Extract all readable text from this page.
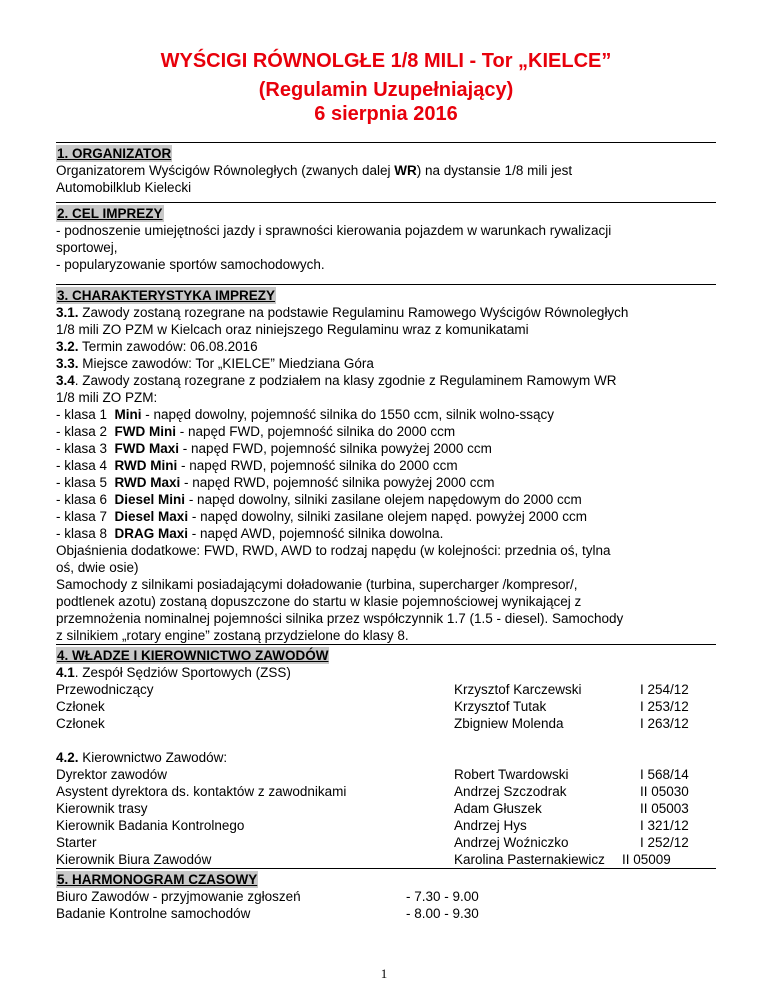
WYŚCIGI RÓWNOLGŁE 1/8 MILI - Tor „KIELCE”
(Regulamin Uzupełniający)
6 sierpnia 2016
1. ORGANIZATOR
Organizatorem Wyścigów Równoległych (zwanych dalej WR) na dystansie 1/8 mili jest
Automobilklub Kielecki
2. CEL IMPREZY
- podnoszenie umiejętności jazdy i sprawności kierowania pojazdem w warunkach rywalizacji
sportowej,
- popularyzowanie sportów samochodowych.
3. CHARAKTERYSTYKA IMPREZY
3.1. Zawody zostaną rozegrane na podstawie Regulaminu Ramowego Wyścigów Równoległych
1/8 mili ZO PZM w Kielcach oraz niniejszego Regulaminu wraz z komunikatami
3.2. Termin zawodów: 06.08.2016
3.3. Miejsce zawodów: Tor „KIELCE” Miedziana Góra
3.4. Zawody zostaną rozegrane z podziałem na klasy zgodnie z Regulaminem Ramowym WR
1/8 mili ZO PZM:
- klasa 1  Mini - napęd dowolny, pojemność silnika do 1550 ccm, silnik wolno-ssący
- klasa 2  FWD Mini - napęd FWD, pojemność silnika do 2000 ccm
- klasa 3  FWD Maxi - napęd FWD, pojemność silnika powyżej 2000 ccm
- klasa 4  RWD Mini - napęd RWD, pojemność silnika do 2000 ccm
- klasa 5  RWD Maxi - napęd RWD, pojemność silnika powyżej 2000 ccm
- klasa 6  Diesel Mini - napęd dowolny, silniki zasilane olejem napędowym do 2000 ccm
- klasa 7  Diesel Maxi - napęd dowolny, silniki zasilane olejem napęd. powyżej 2000 ccm
- klasa 8  DRAG Maxi - napęd AWD, pojemność silnika dowolna.
Objaśnienia dodatkowe: FWD, RWD, AWD to rodzaj napędu (w kolejności: przednia oś, tylna
oś, dwie osie)
Samochody z silnikami posiadającymi doładowanie (turbina, supercharger /kompresor/,
podtlenek azotu) zostaną dopuszczone do startu w klasie pojemnościowej wynikającej z
przemnożenia nominalnej pojemności silnika przez współczynnik 1.7 (1.5 - diesel). Samochody
z silnikiem „rotary engine” zostaną przydzielone do klasy 8.
4. WŁADZE I KIEROWNICTWO ZAWODÓW
4.1. Zespół Sędziów Sportowych (ZSS)
Przewodniczący	Krzysztof Karczewski	I 254/12
Członek	Krzysztof Tutak	I 253/12
Członek	Zbigniew Molenda	I 263/12
4.2. Kierownictwo Zawodów:
Dyrektor zawodów	Robert Twardowski	I 568/14
Asystent dyrektora ds. kontaktów z zawodnikami	Andrzej Szczodrak	II 05030
Kierownik trasy	Adam Głuszek	II 05003
Kierownik Badania Kontrolnego	Andrzej Hys	I 321/12
Starter	Andrzej Woźniczko	I 252/12
Kierownik Biura Zawodów	Karolina Pasternakiewicz II 05009
5. HARMONOGRAM CZASOWY
Biuro Zawodów - przyjmowanie zgłoszeń	- 7.30 - 9.00
Badanie Kontrolne samochodów	- 8.00 - 9.30
1
